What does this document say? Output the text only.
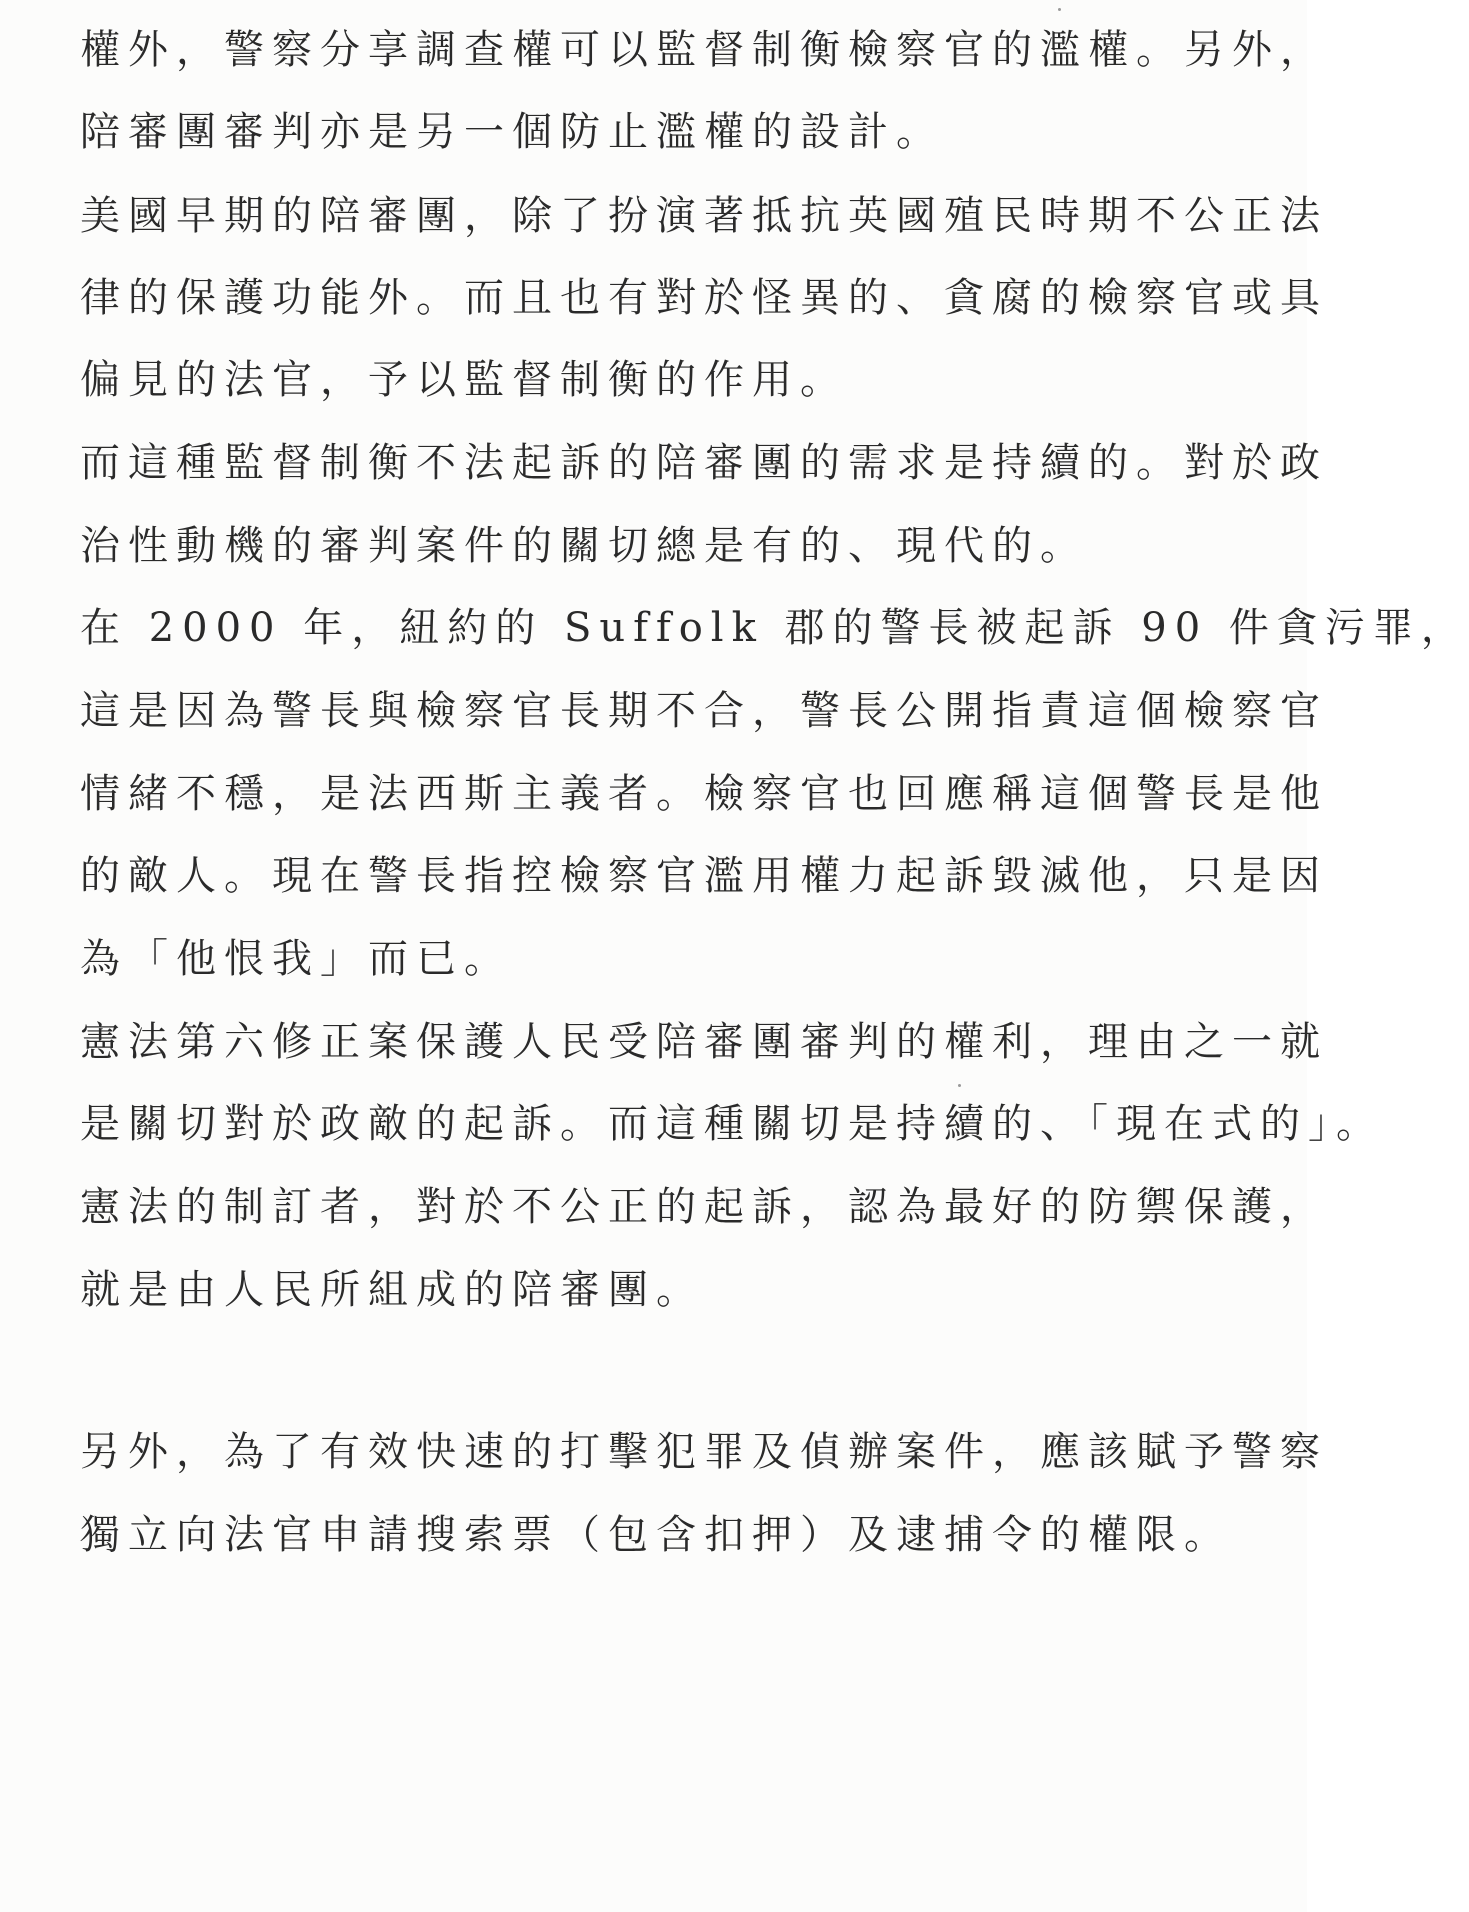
權外，警察分享調查權可以監督制衡檢察官的濫權。另外，

陪審團審判亦是另一個防止濫權的設計。

美國早期的陪審團，除了扮演著抵抗英國殖民時期不公正法

律的保護功能外。而且也有對於怪異的、貪腐的檢察官或具

偏見的法官，予以監督制衡的作用。

而這種監督制衡不法起訴的陪審團的需求是持續的。對於政

治性動機的審判案件的關切總是有的、現代的。

在 2000 年，紐約的 Suffolk 郡的警長被起訴 90 件貪污罪，

這是因為警長與檢察官長期不合，警長公開指責這個檢察官

情緒不穩，是法西斯主義者。檢察官也回應稱這個警長是他

的敵人。現在警長指控檢察官濫用權力起訴毀滅他，只是因

為「他恨我」而已。

憲法第六修正案保護人民受陪審團審判的權利，理由之一就

是關切對於政敵的起訴。而這種關切是持續的、「現在式的」。

憲法的制訂者，對於不公正的起訴，認為最好的防禦保護，

就是由人民所組成的陪審團。

另外，為了有效快速的打擊犯罪及偵辦案件，應該賦予警察

獨立向法官申請搜索票（包含扣押）及逮捕令的權限。
